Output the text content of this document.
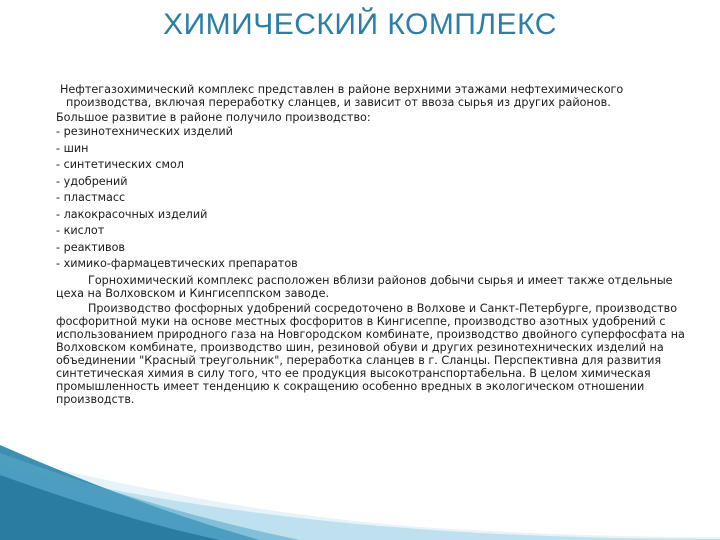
ХИМИЧЕСКИЙ КОМПЛЕКС

Нефтегазохимический комплекс представлен в районе верхними этажами нефтехимического
производства, включая переработку сланцев, и зависит от ввоза сырья из других районов.

Большое развитие в районе получило производство:

- резинотехнических изделий
- шин
- синтетических смол
- удобрений
- пластмасс
- лакокрасочных изделий
- кислот
- реактивов
- химико-фармацевтических препаратов

Горнохимический комплекс расположен вблизи районов добычи сырья и имеет также отдельные цеха на Волховском и Кингисеппском заводе.

Производство фосфорных удобрений сосредоточено в Волхове и Санкт-Петербурге, производство фосфоритной муки на основе местных фосфоритов в Кингисеппе, производство азотных удобрений с использованием природного газа на Новгородском комбинате, производство двойного суперфосфата на Волховском комбинате, производство шин, резиновой обуви и других резинотехнических изделий на объединении "Красный треугольник", переработка сланцев в г. Сланцы. Перспективна для развития синтетическая химия в силу того, что ее продукция высокотранспортабельна. В целом химическая промышленность имеет тенденцию к сокращению особенно вредных в экологическом отношении производств.
